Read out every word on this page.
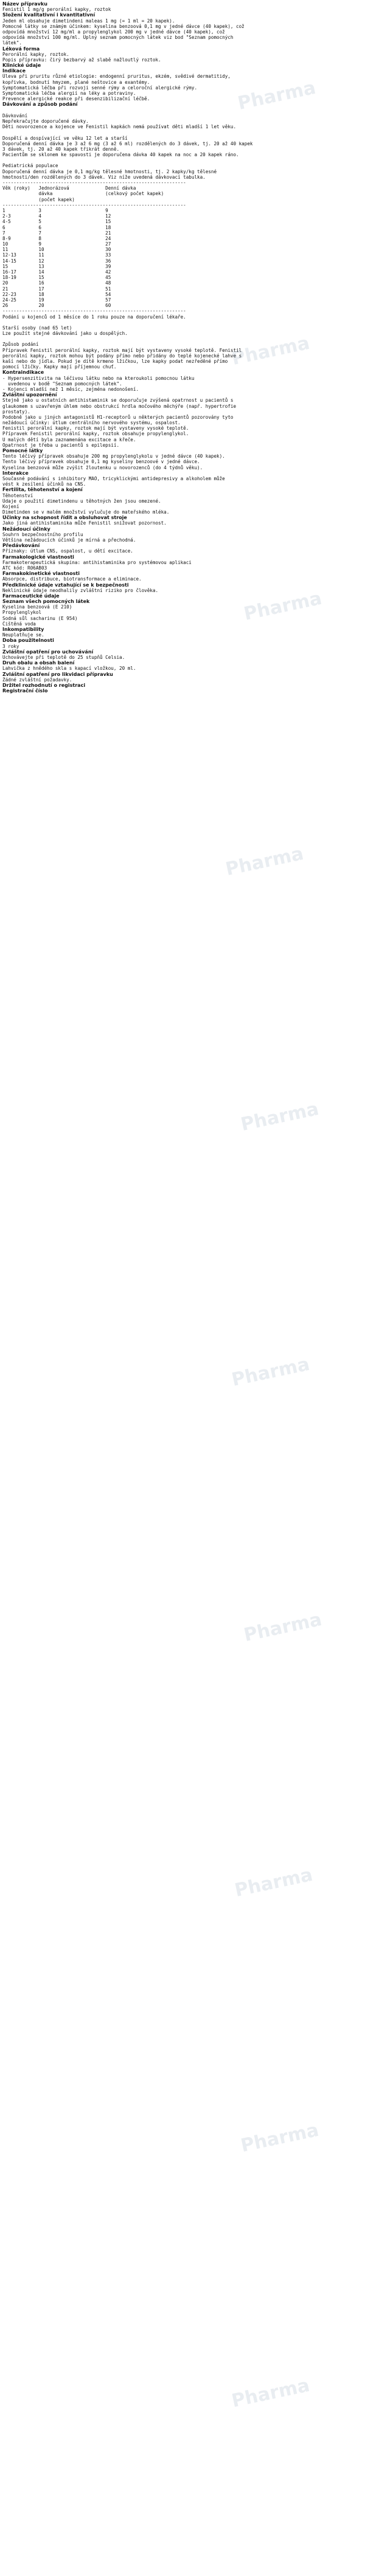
Název přípravku
Fenistil 1 mg/g perorální kapky, roztok
Složení kvalitativní i kvantitativní
Jeden ml obsahuje dimetindeni maleas 1 mg (= 1 ml = 20 kapek).
Pomocné látky se známým účinkem: kyselina benzoová 0,1 mg v jedné dávce (40 kapek), což
odpovídá množství 12 mg/ml a propylenglykol 200 mg v jedné dávce (40 kapek), což
odpovídá množství 100 mg/ml. Úplný seznam pomocných látek viz bod "Seznam pomocných
látek".
Léková forma
Perorální kapky, roztok.
Popis přípravku: čirý bezbarvý až slabě nažloutlý roztok.
Klinické údaje
Indikace
Úleva při pruritu různé etiologie: endogenní pruritus, ekzém, svědivé dermatitidy,
kopřivka, bodnutí hmyzem, plané neštovice a exantémy.
Symptomatická léčba při rozvoji senné rýmy a celoroční alergické rýmy.
Symptomatická léčba alergií na léky a potraviny.
Prevence alergické reakce při desenzibilizační léčbě.
Dávkování a způsob podání
Dávkování
Nepřekračujte doporučené dávky.
Děti novorozence a kojence ve Fenistil kapkách nemá používat děti mladší 1 let věku.
Dospělí a dospívající ve věku 12 let a starší
Doporučená denní dávka je 3 až 6 mg (3 až 6 ml) rozdělených do 3 dávek, tj. 20 až 40 kapek
3 dávek, tj. 20 až 40 kapek třikrát denně.
Pacientům se sklonem ke spavosti je doporučena dávka 40 kapek na noc a 20 kapek ráno.
Pediatrická populace
Doporučená denní dávka je 0,1 mg/kg tělesné hmotnosti, tj. 2 kapky/kg tělesné
hmotnosti/den rozdělených do 3 dávek. Viz níže uvedená dávkovací tabulka.
------------------------------------------------------------------
Věk (roky)   Jednorázová             Denní dávka
dávka                   (celkový počet kapek)
(počet kapek)
------------------------------------------------------------------
1            3                       9
2-3          4                       12
4-5          5                       15
6            6                       18
7            7                       21
8-9          8                       24
10           9                       27
11           10                      30
12-13        11                      33
14-15        12                      36
15           13                      39
16-17        14                      42
18-19        15                      45
20           16                      48
21           17                      51
22-23        18                      54
24-25        19                      57
26           20                      60
------------------------------------------------------------------
Podání u kojenců od 1 měsíce do 1 roku pouze na doporučení lékaře.
Starší osoby (nad 65 let)
Lze použít stejné dávkování jako u dospělých.
Způsob podání
Přípravek Fenistil perorální kapky, roztok mají být vystaveny vysoké teplotě. Fenistil
perorální kapky, roztok mohou být podány přímo nebo přidány do teplé kojenecké lahve s
kaší nebo do jídla. Pokud je dítě krmeno lžičkou, lze kapky podat nezředěné přímo
pomocí lžičky. Kapky mají příjemnou chuť.
Kontraindikace
- Hypersenzitivita na léčivou látku nebo na kteroukoli pomocnou látku
uvedenou v bodě "Seznam pomocných látek".
- Kojenci mladší než 1 měsíc, zejména nedonošení.
Zvláštní upozornění
Stejně jako u ostatních antihistaminik se doporučuje zvýšená opatrnost u pacientů s
glaukomem s uzavřeným úhlem nebo obstrukcí hrdla močového měchýře (např. hypertrofie
prostaty).
Podobně jako u jiných antagonistů H1-receptorů u některých pacientů pozorovány tyto
nežádoucí účinky: útlum centrálního nervového systému, ospalost.
Fenistil perorální kapky, roztok mají být vystaveny vysoké teplotě.
Přípravek Fenistil perorální kapky, roztok obsahuje propylenglykol.
U malých dětí byla zaznamenána excitace a křeče.
Opatrnost je třeba u pacientů s epilepsií.
Pomocné látky
Tento léčivý přípravek obsahuje 200 mg propylenglykolu v jedné dávce (40 kapek).
Tento léčivý přípravek obsahuje 0,1 mg kyseliny benzoové v jedné dávce.
Kyselina benzoová může zvýšit žloutenku u novorozenců (do 4 týdnů věku).
Interakce
Současné podávání s inhibitory MAO, tricyklickými antidepresivy a alkoholem může
vést k zesílení účinků na CNS.
Fertilita, těhotenství a kojení
Těhotenství
Údaje o použití dimetindenu u těhotných žen jsou omezené.
Kojení
Dimetinden se v malém množství vylučuje do mateřského mléka.
Účinky na schopnost řídit a obsluhovat stroje
Jako jiná antihistaminika může Fenistil snižovat pozornost.
Nežádoucí účinky
Souhrn bezpečnostního profilu
Většina nežádoucích účinků je mírná a přechodná.
Předávkování
Příznaky: útlum CNS, ospalost, u dětí excitace.
Farmakologické vlastnosti
Farmakoterapeutická skupina: antihistaminika pro systémovou aplikaci
ATC kód: R06AB03
Farmakokinetické vlastnosti
Absorpce, distribuce, biotransformace a eliminace.
Předklinické údaje vztahující se k bezpečnosti
Neklinické údaje neodhalily zvláštní riziko pro člověka.
Farmaceutické údaje
Seznam všech pomocných látek
Kyselina benzoová (E 210)
Propylenglykol
Sodná sůl sacharinu (E 954)
Čištěná voda
Inkompatibility
Neuplatňuje se.
Doba použitelnosti
3 roky
Zvláštní opatření pro uchovávání
Uchovávejte při teplotě do 25 stupňů Celsia.
Druh obalu a obsah balení
Lahvička z hnědého skla s kapací vložkou, 20 ml.
Zvláštní opatření pro likvidaci přípravku
Žádné zvláštní požadavky.
Držitel rozhodnutí o registraci
Registrační číslo
Pharma
Pharma
Pharma
Pharma
Pharma
Pharma
Pharma
Pharma
Pharma
Pharma
